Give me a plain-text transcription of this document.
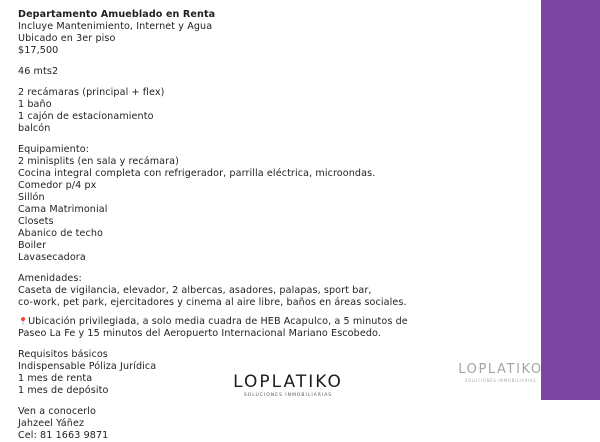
Departamento Amueblado en Renta
Incluye Mantenimiento, Internet y Agua
Ubicado en 3er piso
$17,500
46 mts2
2 recámaras (principal + flex)
1 baño
1 cajón de estacionamiento
balcón
Equipamiento:
2 minisplits (en sala y recámara)
Cocina integral completa con refrigerador, parrilla eléctrica, microondas.
Comedor p/4 px
Sillón
Cama Matrimonial
Closets
Abanico de techo
Boiler
Lavasecadora
Amenidades:
Caseta de vigilancia, elevador, 2 albercas, asadores, palapas, sport bar,
co-work, pet park, ejercitadores y cinema al aire libre, baños en áreas sociales.
📍Ubicación privilegiada, a solo media cuadra de HEB Acapulco, a 5 minutos de
Paseo La Fe y 15 minutos del Aeropuerto Internacional Mariano Escobedo.
Requisitos básicos
Indispensable Póliza Jurídica
1 mes de renta
1 mes de depósito
Ven a conocerlo
Jahzeel Yáñez
Cel: 81 1663 9871
LOPLATIKO
SOLUCIONES INMOBILIARIAS
LOPLATIKO
SOLUCIONES INMOBILIARIAS
